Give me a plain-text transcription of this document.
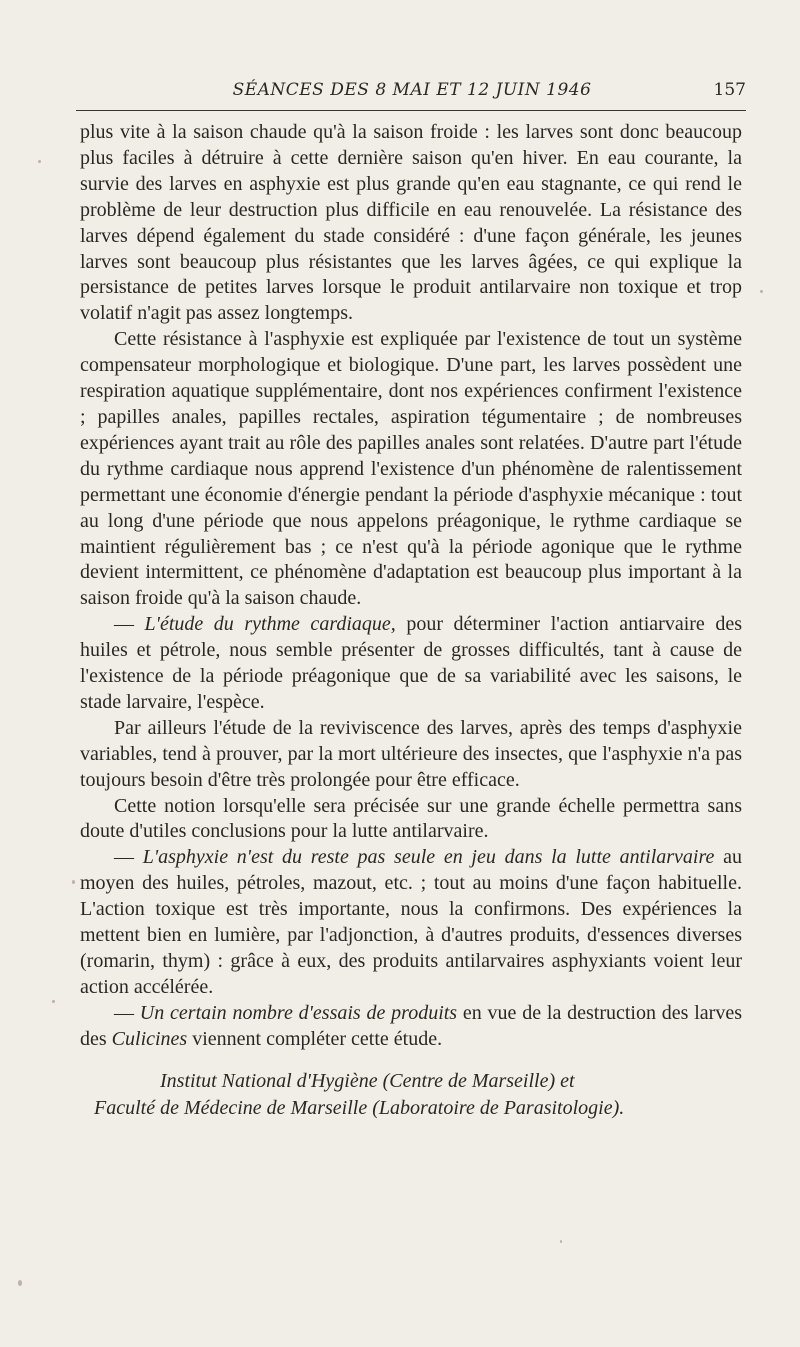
SÉANCES DES 8 MAI ET 12 JUIN 1946	157

plus vite à la saison chaude qu'à la saison froide : les larves sont donc beaucoup plus faciles à détruire à cette dernière saison qu'en hiver. En eau courante, la survie des larves en asphyxie est plus grande qu'en eau stagnante, ce qui rend le problème de leur destruction plus difficile en eau renouvelée. La résistance des larves dépend également du stade considéré : d'une façon générale, les jeunes larves sont beaucoup plus résistantes que les larves âgées, ce qui explique la persistance de petites larves lorsque le produit antilarvaire non toxique et trop volatif n'agit pas assez longtemps.

Cette résistance à l'asphyxie est expliquée par l'existence de tout un système compensateur morphologique et biologique. D'une part, les larves possèdent une respiration aquatique supplémentaire, dont nos expériences confirment l'existence ; papilles anales, papilles rectales, aspiration tégumentaire ; de nombreuses expériences ayant trait au rôle des papilles anales sont relatées. D'autre part l'étude du rythme cardiaque nous apprend l'existence d'un phénomène de ralentissement permettant une économie d'énergie pendant la période d'asphyxie mécanique : tout au long d'une période que nous appelons préagonique, le rythme cardiaque se maintient régulièrement bas ; ce n'est qu'à la période agonique que le rythme devient intermittent, ce phénomène d'adaptation est beaucoup plus important à la saison froide qu'à la saison chaude.

— L'étude du rythme cardiaque, pour déterminer l'action antiarvaire des huiles et pétrole, nous semble présenter de grosses difficultés, tant à cause de l'existence de la période préagonique que de sa variabilité avec les saisons, le stade larvaire, l'espèce.

Par ailleurs l'étude de la reviviscence des larves, après des temps d'asphyxie variables, tend à prouver, par la mort ultérieure des insectes, que l'asphyxie n'a pas toujours besoin d'être très prolongée pour être efficace.

Cette notion lorsqu'elle sera précisée sur une grande échelle permettra sans doute d'utiles conclusions pour la lutte antilarvaire.

— L'asphyxie n'est du reste pas seule en jeu dans la lutte antilarvaire au moyen des huiles, pétroles, mazout, etc. ; tout au moins d'une façon habituelle. L'action toxique est très importante, nous la confirmons. Des expériences la mettent bien en lumière, par l'adjonction, à d'autres produits, d'essences diverses (romarin, thym) : grâce à eux, des produits antilarvaires asphyxiants voient leur action accélérée.

— Un certain nombre d'essais de produits en vue de la destruction des larves des Culicines viennent compléter cette étude.

Institut National d'Hygiène (Centre de Marseille) et
Faculté de Médecine de Marseille (Laboratoire de Parasitologie).
